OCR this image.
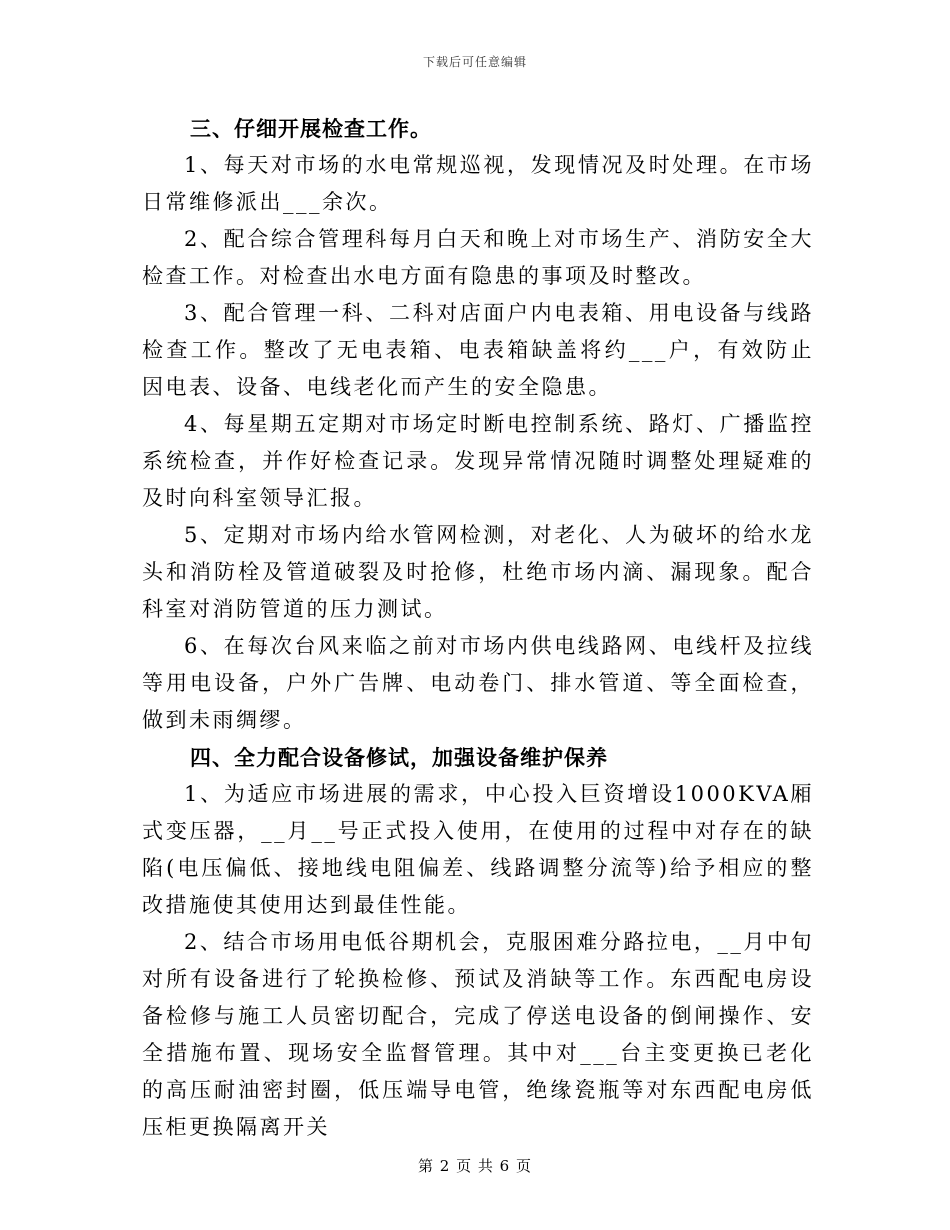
下载后可任意编辑

三、仔细开展检查工作。

1、每天对市场的水电常规巡视，发现情况及时处理。在市场日常维修派出___余次。

2、配合综合管理科每月白天和晚上对市场生产、消防安全大检查工作。对检查出水电方面有隐患的事项及时整改。

3、配合管理一科、二科对店面户内电表箱、用电设备与线路检查工作。整改了无电表箱、电表箱缺盖将约___户，有效防止因电表、设备、电线老化而产生的安全隐患。

4、每星期五定期对市场定时断电控制系统、路灯、广播监控系统检查，并作好检查记录。发现异常情况随时调整处理疑难的及时向科室领导汇报。

5、定期对市场内给水管网检测，对老化、人为破坏的给水龙头和消防栓及管道破裂及时抢修，杜绝市场内滴、漏现象。配合科室对消防管道的压力测试。

6、在每次台风来临之前对市场内供电线路网、电线杆及拉线等用电设备，户外广告牌、电动卷门、排水管道、等全面检查，做到未雨绸缪。

四、全力配合设备修试，加强设备维护保养

1、为适应市场进展的需求，中心投入巨资增设1000KVA厢式变压器，__月__号正式投入使用，在使用的过程中对存在的缺陷(电压偏低、接地线电阻偏差、线路调整分流等)给予相应的整改措施使其使用达到最佳性能。

2、结合市场用电低谷期机会，克服困难分路拉电，__月中旬对所有设备进行了轮换检修、预试及消缺等工作。东西配电房设备检修与施工人员密切配合，完成了停送电设备的倒闸操作、安全措施布置、现场安全监督管理。其中对___台主变更换已老化的高压耐油密封圈，低压端导电管，绝缘瓷瓶等对东西配电房低压柜更换隔离开关

第 2 页 共 6 页
